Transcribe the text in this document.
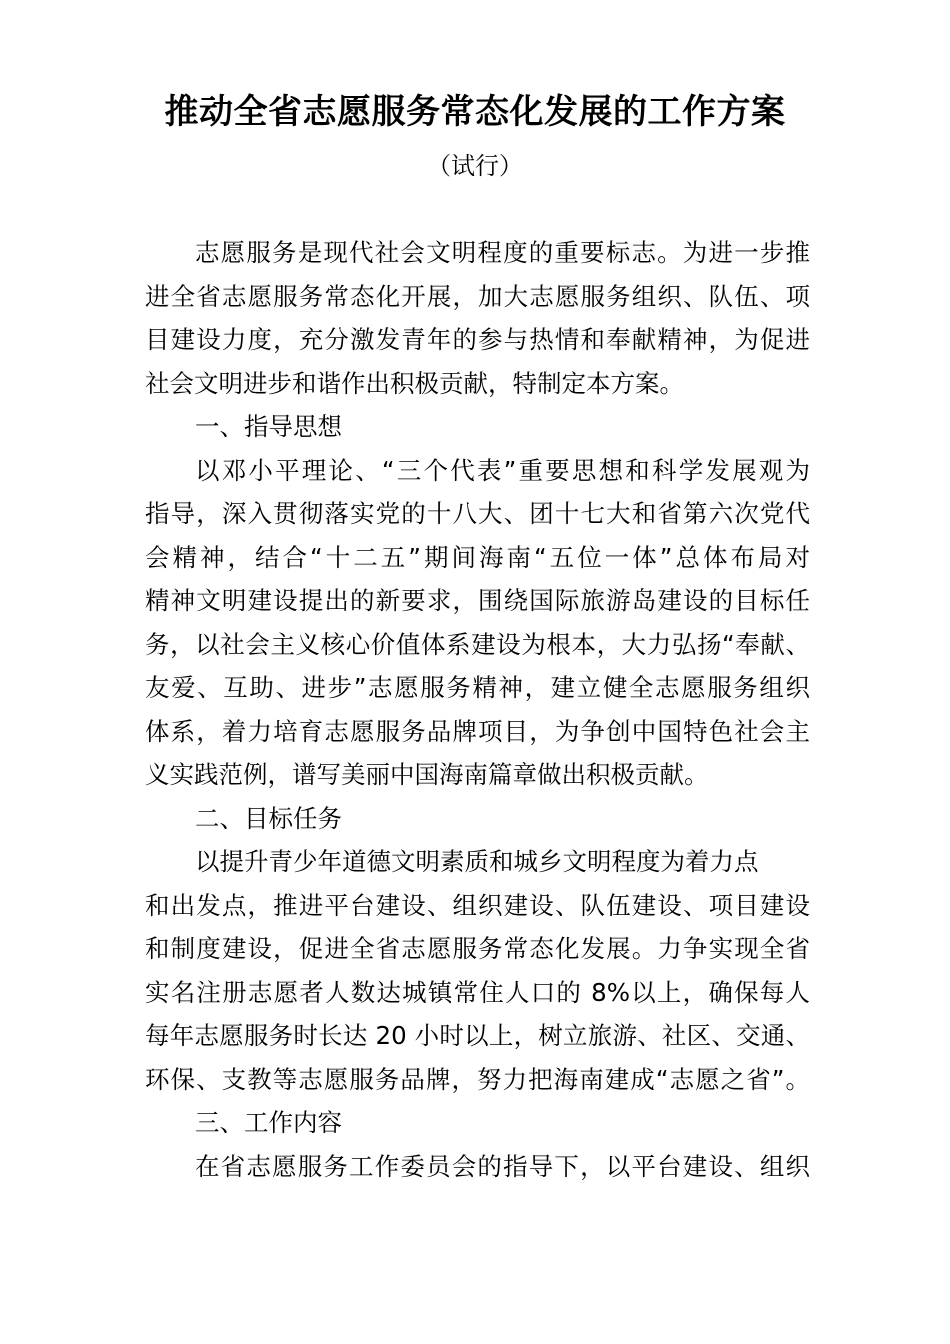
推动全省志愿服务常态化发展的工作方案
（试行）
志愿服务是现代社会文明程度的重要标志。为进一步推
进全省志愿服务常态化开展，加大志愿服务组织、队伍、项
目建设力度，充分激发青年的参与热情和奉献精神，为促进
社会文明进步和谐作出积极贡献，特制定本方案。
一、指导思想
以邓小平理论、“三个代表”重要思想和科学发展观为
指导，深入贯彻落实党的十八大、团十七大和省第六次党代
会精神，结合“十二五”期间海南“五位一体”总体布局对
精神文明建设提出的新要求，围绕国际旅游岛建设的目标任
务，以社会主义核心价值体系建设为根本，大力弘扬“奉献、
友爱、互助、进步”志愿服务精神，建立健全志愿服务组织
体系，着力培育志愿服务品牌项目，为争创中国特色社会主
义实践范例，谱写美丽中国海南篇章做出积极贡献。
二、目标任务
以提升青少年道德文明素质和城乡文明程度为着力点
和出发点，推进平台建设、组织建设、队伍建设、项目建设
和制度建设，促进全省志愿服务常态化发展。力争实现全省
实名注册志愿者人数达城镇常住人口的 8%以上，确保每人
每年志愿服务时长达 20 小时以上，树立旅游、社区、交通、
环保、支教等志愿服务品牌，努力把海南建成“志愿之省”。
三、工作内容
在省志愿服务工作委员会的指导下，以平台建设、组织
